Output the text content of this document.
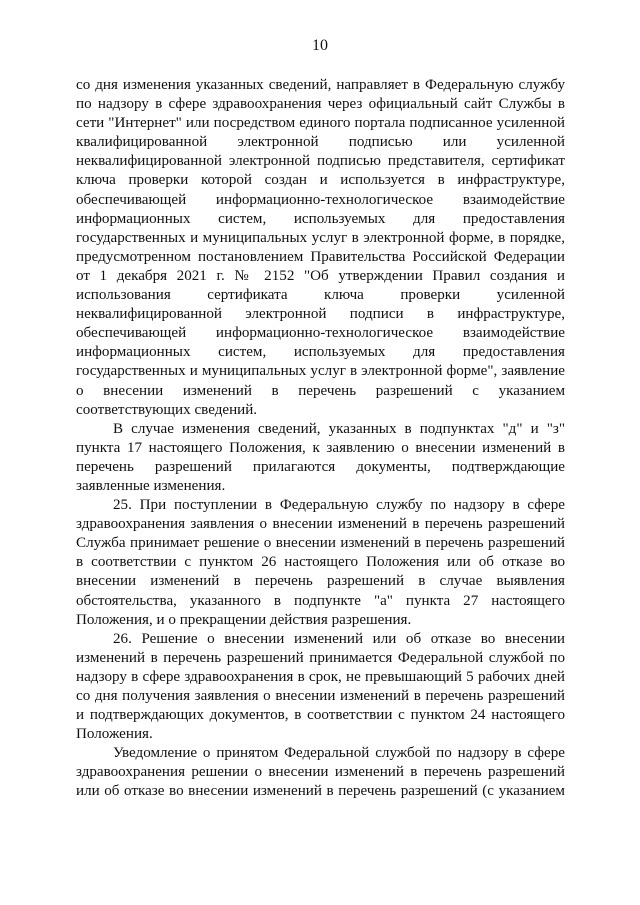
10

со дня изменения указанных сведений, направляет в Федеральную службу по надзору в сфере здравоохранения через официальный сайт Службы в сети "Интернет" или посредством единого портала подписанное усиленной квалифицированной электронной подписью или усиленной неквалифицированной электронной подписью представителя, сертификат ключа проверки которой создан и используется в инфраструктуре, обеспечивающей информационно-технологическое взаимодействие информационных систем, используемых для предоставления государственных и муниципальных услуг в электронной форме, в порядке, предусмотренном постановлением Правительства Российской Федерации от 1 декабря 2021 г. № 2152 "Об утверждении Правил создания и использования сертификата ключа проверки усиленной неквалифицированной электронной подписи в инфраструктуре, обеспечивающей информационно-технологическое взаимодействие информационных систем, используемых для предоставления государственных и муниципальных услуг в электронной форме", заявление о внесении изменений в перечень разрешений с указанием соответствующих сведений.

В случае изменения сведений, указанных в подпунктах "д" и "з" пункта 17 настоящего Положения, к заявлению о внесении изменений в перечень разрешений прилагаются документы, подтверждающие заявленные изменения.

25. При поступлении в Федеральную службу по надзору в сфере здравоохранения заявления о внесении изменений в перечень разрешений Служба принимает решение о внесении изменений в перечень разрешений в соответствии с пунктом 26 настоящего Положения или об отказе во внесении изменений в перечень разрешений в случае выявления обстоятельства, указанного в подпункте "а" пункта 27 настоящего Положения, и о прекращении действия разрешения.

26. Решение о внесении изменений или об отказе во внесении изменений в перечень разрешений принимается Федеральной службой по надзору в сфере здравоохранения в срок, не превышающий 5 рабочих дней со дня получения заявления о внесении изменений в перечень разрешений и подтверждающих документов, в соответствии с пунктом 24 настоящего Положения.

Уведомление о принятом Федеральной службой по надзору в сфере здравоохранения решении о внесении изменений в перечень разрешений или об отказе во внесении изменений в перечень разрешений (с указанием
